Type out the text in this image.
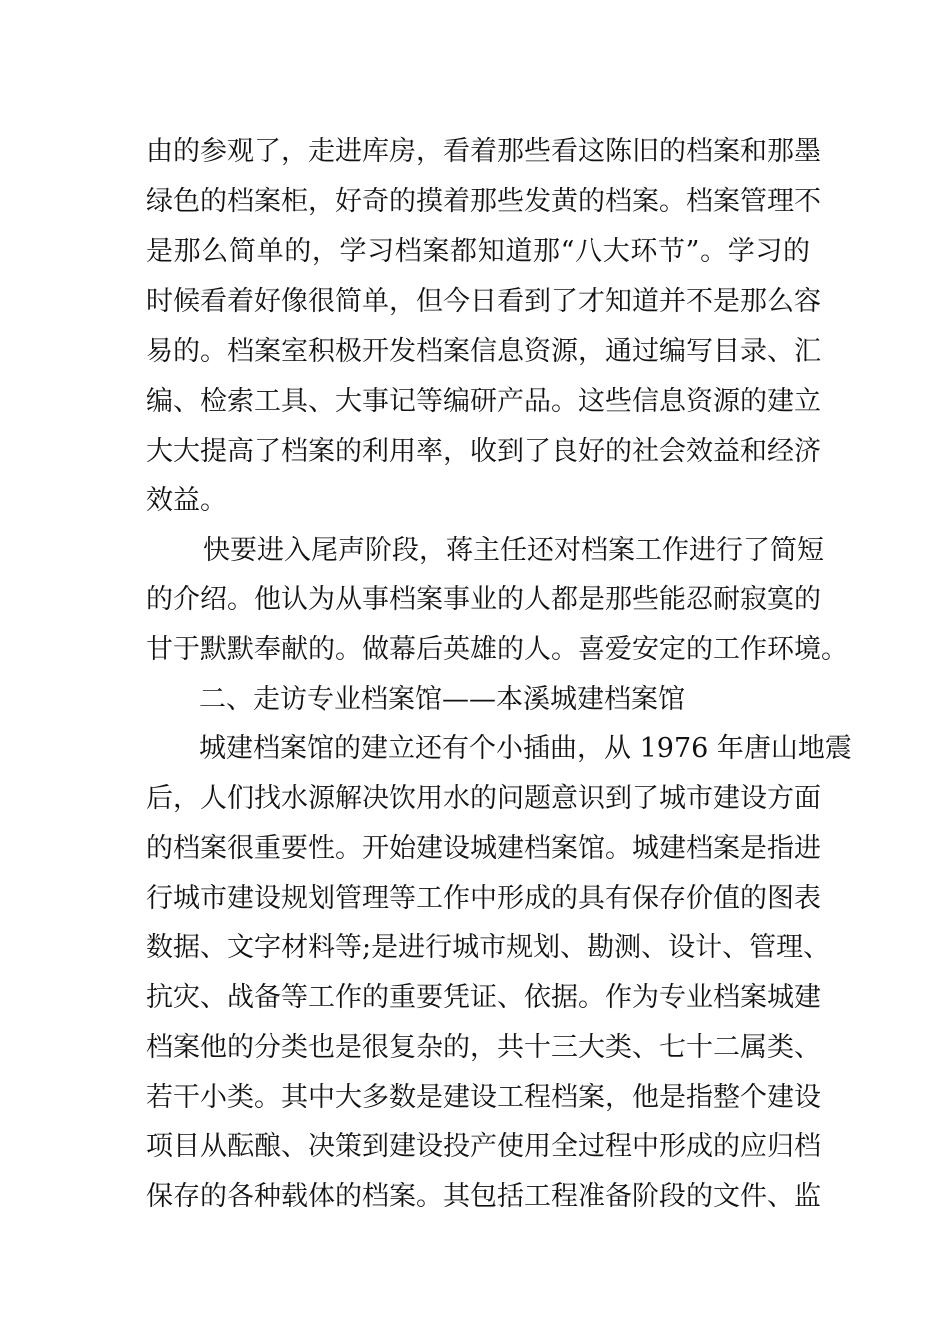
由的参观了，走进库房，看着那些看这陈旧的档案和那墨
绿色的档案柜，好奇的摸着那些发黄的档案。档案管理不
是那么简单的，学习档案都知道那“八大环节”。学习的
时候看着好像很简单，但今日看到了才知道并不是那么容
易的。档案室积极开发档案信息资源，通过编写目录、汇
编、检索工具、大事记等编研产品。这些信息资源的建立
大大提高了档案的利用率，收到了良好的社会效益和经济
效益。
快要进入尾声阶段，蒋主任还对档案工作进行了简短
的介绍。他认为从事档案事业的人都是那些能忍耐寂寞的
甘于默默奉献的。做幕后英雄的人。喜爱安定的工作环境。
二、走访专业档案馆——本溪城建档案馆
城建档案馆的建立还有个小插曲，从 1976 年唐山地震
后，人们找水源解决饮用水的问题意识到了城市建设方面
的档案很重要性。开始建设城建档案馆。城建档案是指进
行城市建设规划管理等工作中形成的具有保存价值的图表
数据、文字材料等;是进行城市规划、勘测、设计、管理、
抗灾、战备等工作的重要凭证、依据。作为专业档案城建
档案他的分类也是很复杂的，共十三大类、七十二属类、
若干小类。其中大多数是建设工程档案，他是指整个建设
项目从酝酿、决策到建设投产使用全过程中形成的应归档
保存的各种载体的档案。其包括工程准备阶段的文件、监
